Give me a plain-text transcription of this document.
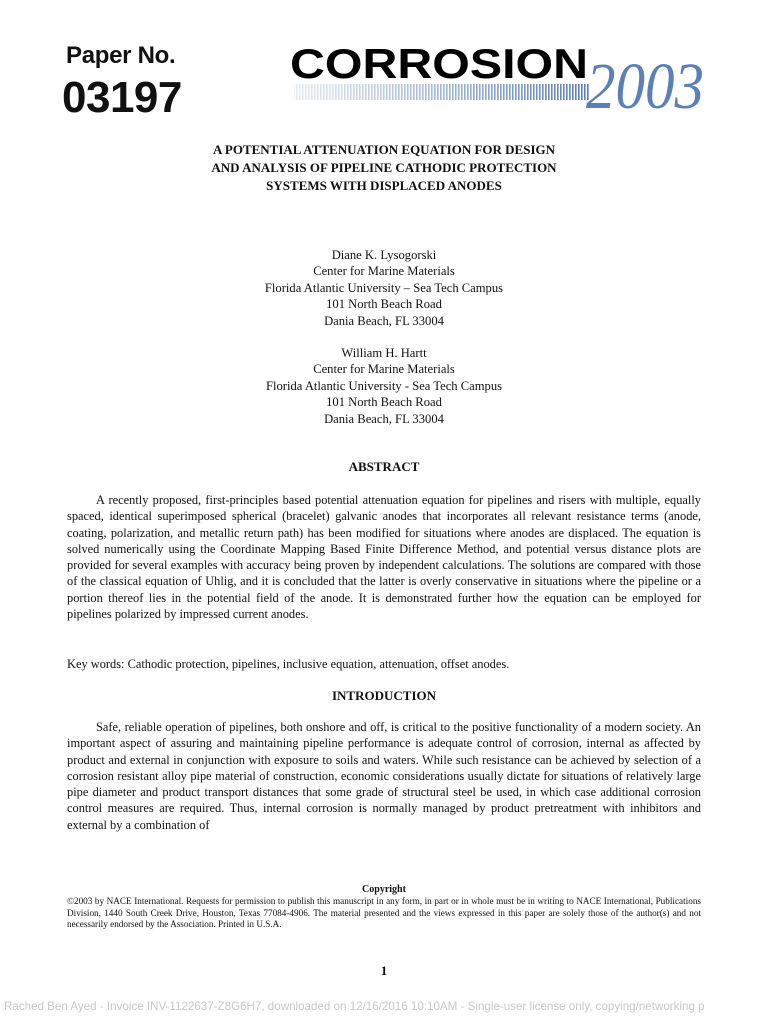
Paper No.
03197
CORROSION
2003
A POTENTIAL ATTENUATION EQUATION FOR DESIGN
AND ANALYSIS OF PIPELINE CATHODIC PROTECTION
SYSTEMS WITH DISPLACED ANODES
Diane K. Lysogorski
Center for Marine Materials
Florida Atlantic University – Sea Tech Campus
101 North Beach Road
Dania Beach, FL 33004
William H. Hartt
Center for Marine Materials
Florida Atlantic University - Sea Tech Campus
101 North Beach Road
Dania Beach, FL 33004
ABSTRACT
A recently proposed, first-principles based potential attenuation equation for pipelines and risers with multiple, equally spaced, identical superimposed spherical (bracelet) galvanic anodes that incorporates all relevant resistance terms (anode, coating, polarization, and metallic return path) has been modified for situations where anodes are displaced. The equation is solved numerically using the Coordinate Mapping Based Finite Difference Method, and potential versus distance plots are provided for several examples with accuracy being proven by independent calculations. The solutions are compared with those of the classical equation of Uhlig, and it is concluded that the latter is overly conservative in situations where the pipeline or a portion thereof lies in the potential field of the anode. It is demonstrated further how the equation can be employed for pipelines polarized by impressed current anodes.
Key words: Cathodic protection, pipelines, inclusive equation, attenuation, offset anodes.
INTRODUCTION
Safe, reliable operation of pipelines, both onshore and off, is critical to the positive functionality of a modern society. An important aspect of assuring and maintaining pipeline performance is adequate control of corrosion, internal as affected by product and external in conjunction with exposure to soils and waters. While such resistance can be achieved by selection of a corrosion resistant alloy pipe material of construction, economic considerations usually dictate for situations of relatively large pipe diameter and product transport distances that some grade of structural steel be used, in which case additional corrosion control measures are required. Thus, internal corrosion is normally managed by product pretreatment with inhibitors and external by a combination of
Copyright
©2003 by NACE International. Requests for permission to publish this manuscript in any form, in part or in whole must be in writing to NACE International, Publications Division, 1440 South Creek Drive, Houston, Texas 77084-4906. The material presented and the views expressed in this paper are solely those of the author(s) and not necessarily endorsed by the Association. Printed in U.S.A.
1
Rached Ben Ayed - Invoice INV-1122637-Z8G6H7, downloaded on 12/16/2016 10:10AM - Single-user license only, copying/networking p
